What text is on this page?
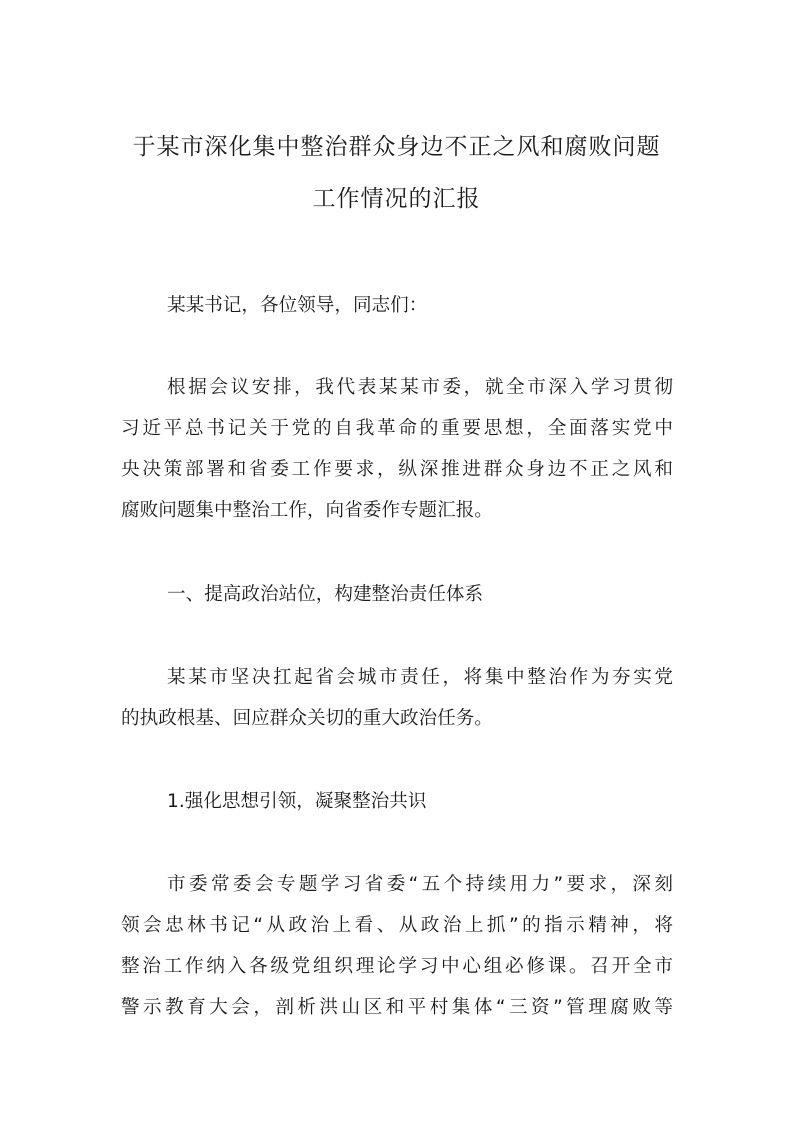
于某市深化集中整治群众身边不正之风和腐败问题
工作情况的汇报
某某书记，各位领导，同志们：
根据会议安排，我代表某某市委，就全市深入学习贯彻
习近平总书记关于党的自我革命的重要思想，全面落实党中
央决策部署和省委工作要求，纵深推进群众身边不正之风和
腐败问题集中整治工作，向省委作专题汇报。
一、提高政治站位，构建整治责任体系
某某市坚决扛起省会城市责任，将集中整治作为夯实党
的执政根基、回应群众关切的重大政治任务。
1.强化思想引领，凝聚整治共识
市委常委会专题学习省委“五个持续用力”要求，深刻
领会忠林书记“从政治上看、从政治上抓”的指示精神，将
整治工作纳入各级党组织理论学习中心组必修课。召开全市
警示教育大会，剖析洪山区和平村集体“三资”管理腐败等
